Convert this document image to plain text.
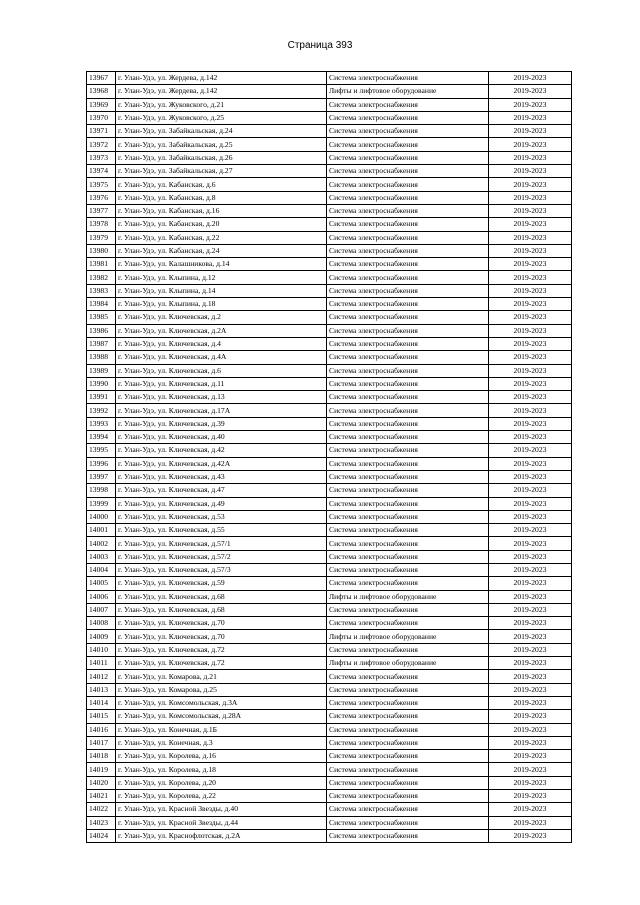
Страница 393
13967	г. Улан-Удэ, ул. Жердева, д.142	Система электроснабжения	2019-2023
13968	г. Улан-Удэ, ул. Жердева, д.142	Лифты и лифтовое оборудование	2019-2023
13969	г. Улан-Удэ, ул. Жуковского, д.21	Система электроснабжения	2019-2023
13970	г. Улан-Удэ, ул. Жуковского, д.25	Система электроснабжения	2019-2023
13971	г. Улан-Удэ, ул. Забайкальская, д.24	Система электроснабжения	2019-2023
13972	г. Улан-Удэ, ул. Забайкальская, д.25	Система электроснабжения	2019-2023
13973	г. Улан-Удэ, ул. Забайкальская, д.26	Система электроснабжения	2019-2023
13974	г. Улан-Удэ, ул. Забайкальская, д.27	Система электроснабжения	2019-2023
13975	г. Улан-Удэ, ул. Кабанская, д.6	Система электроснабжения	2019-2023
13976	г. Улан-Удэ, ул. Кабанская, д.8	Система электроснабжения	2019-2023
13977	г. Улан-Удэ, ул. Кабанская, д.16	Система электроснабжения	2019-2023
13978	г. Улан-Удэ, ул. Кабанская, д.20	Система электроснабжения	2019-2023
13979	г. Улан-Удэ, ул. Кабанская, д.22	Система электроснабжения	2019-2023
13980	г. Улан-Удэ, ул. Кабанская, д.24	Система электроснабжения	2019-2023
13981	г. Улан-Удэ, ул. Калашникова, д.14	Система электроснабжения	2019-2023
13982	г. Улан-Удэ, ул. Клыпина, д.12	Система электроснабжения	2019-2023
13983	г. Улан-Удэ, ул. Клыпина, д.14	Система электроснабжения	2019-2023
13984	г. Улан-Удэ, ул. Клыпина, д.18	Система электроснабжения	2019-2023
13985	г. Улан-Удэ, ул. Ключевская, д.2	Система электроснабжения	2019-2023
13986	г. Улан-Удэ, ул. Ключевская, д.2А	Система электроснабжения	2019-2023
13987	г. Улан-Удэ, ул. Ключевская, д.4	Система электроснабжения	2019-2023
13988	г. Улан-Удэ, ул. Ключевская, д.4А	Система электроснабжения	2019-2023
13989	г. Улан-Удэ, ул. Ключевская, д.6	Система электроснабжения	2019-2023
13990	г. Улан-Удэ, ул. Ключевская, д.11	Система электроснабжения	2019-2023
13991	г. Улан-Удэ, ул. Ключевская, д.13	Система электроснабжения	2019-2023
13992	г. Улан-Удэ, ул. Ключевская, д.17А	Система электроснабжения	2019-2023
13993	г. Улан-Удэ, ул. Ключевская, д.39	Система электроснабжения	2019-2023
13994	г. Улан-Удэ, ул. Ключевская, д.40	Система электроснабжения	2019-2023
13995	г. Улан-Удэ, ул. Ключевская, д.42	Система электроснабжения	2019-2023
13996	г. Улан-Удэ, ул. Ключевская, д.42А	Система электроснабжения	2019-2023
13997	г. Улан-Удэ, ул. Ключевская, д.43	Система электроснабжения	2019-2023
13998	г. Улан-Удэ, ул. Ключевская, д.47	Система электроснабжения	2019-2023
13999	г. Улан-Удэ, ул. Ключевская, д.49	Система электроснабжения	2019-2023
14000	г. Улан-Удэ, ул. Ключевская, д.53	Система электроснабжения	2019-2023
14001	г. Улан-Удэ, ул. Ключевская, д.55	Система электроснабжения	2019-2023
14002	г. Улан-Удэ, ул. Ключевская, д.57/1	Система электроснабжения	2019-2023
14003	г. Улан-Удэ, ул. Ключевская, д.57/2	Система электроснабжения	2019-2023
14004	г. Улан-Удэ, ул. Ключевская, д.57/3	Система электроснабжения	2019-2023
14005	г. Улан-Удэ, ул. Ключевская, д.59	Система электроснабжения	2019-2023
14006	г. Улан-Удэ, ул. Ключевская, д.68	Лифты и лифтовое оборудование	2019-2023
14007	г. Улан-Удэ, ул. Ключевская, д.68	Система электроснабжения	2019-2023
14008	г. Улан-Удэ, ул. Ключевская, д.70	Система электроснабжения	2019-2023
14009	г. Улан-Удэ, ул. Ключевская, д.70	Лифты и лифтовое оборудование	2019-2023
14010	г. Улан-Удэ, ул. Ключевская, д.72	Система электроснабжения	2019-2023
14011	г. Улан-Удэ, ул. Ключевская, д.72	Лифты и лифтовое оборудование	2019-2023
14012	г. Улан-Удэ, ул. Комарова, д.21	Система электроснабжения	2019-2023
14013	г. Улан-Удэ, ул. Комарова, д.25	Система электроснабжения	2019-2023
14014	г. Улан-Удэ, ул. Комсомольская, д.3А	Система электроснабжения	2019-2023
14015	г. Улан-Удэ, ул. Комсомольская, д.28А	Система электроснабжения	2019-2023
14016	г. Улан-Удэ, ул. Конечная, д.1Б	Система электроснабжения	2019-2023
14017	г. Улан-Удэ, ул. Конечная, д.3	Система электроснабжения	2019-2023
14018	г. Улан-Удэ, ул. Королева, д.16	Система электроснабжения	2019-2023
14019	г. Улан-Удэ, ул. Королева, д.18	Система электроснабжения	2019-2023
14020	г. Улан-Удэ, ул. Королева, д.20	Система электроснабжения	2019-2023
14021	г. Улан-Удэ, ул. Королева, д.22	Система электроснабжения	2019-2023
14022	г. Улан-Удэ, ул. Красной Звезды, д.40	Система электроснабжения	2019-2023
14023	г. Улан-Удэ, ул. Красной Звезды, д.44	Система электроснабжения	2019-2023
14024	г. Улан-Удэ, ул. Краснофлотская, д.2А	Система электроснабжения	2019-2023
